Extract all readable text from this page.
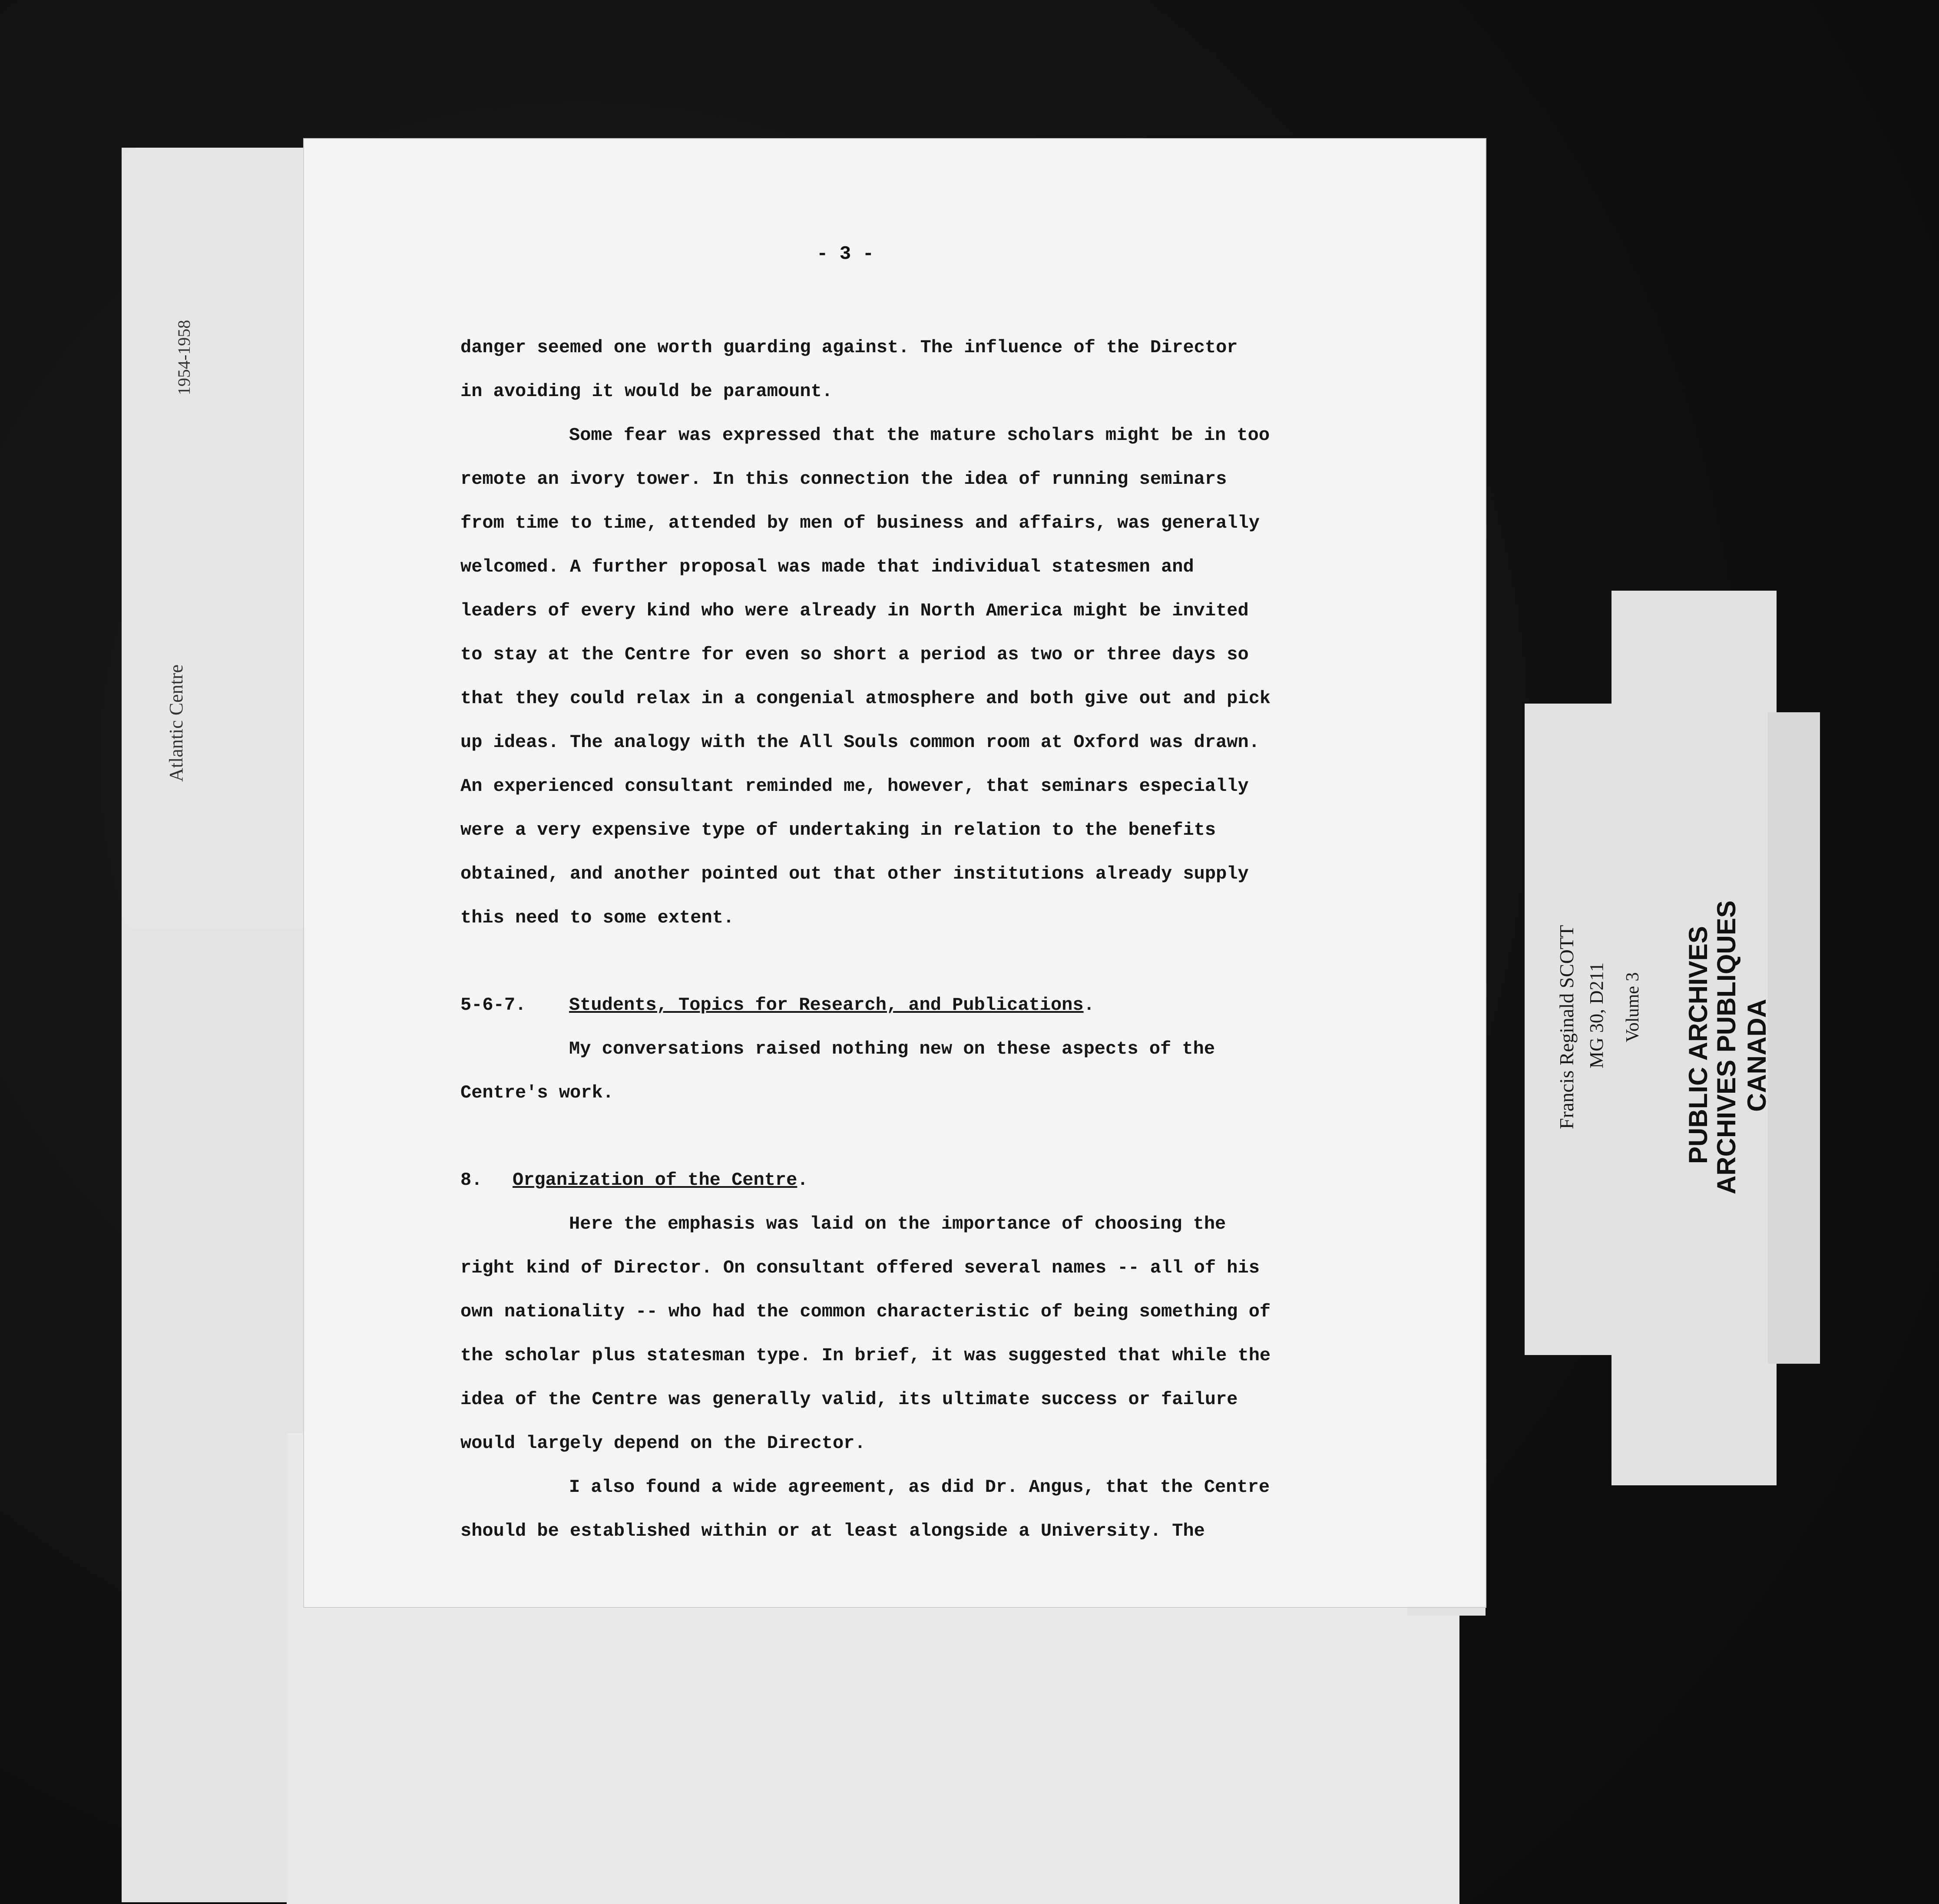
1954-1958
Atlantic Centre
- 3 -
danger seemed one worth guarding against. The influence of the Director
in avoiding it would be paramount.
Some fear was expressed that the mature scholars might be in too
remote an ivory tower. In this connection the idea of running seminars
from time to time, attended by men of business and affairs, was generally
welcomed. A further proposal was made that individual statesmen and
leaders of every kind who were already in North America might be invited
to stay at the Centre for even so short a period as two or three days so
that they could relax in a congenial atmosphere and both give out and pick
up ideas. The analogy with the All Souls common room at Oxford was drawn.
An experienced consultant reminded me, however, that seminars especially
were a very expensive type of undertaking in relation to the benefits
obtained, and another pointed out that other institutions already supply
this need to some extent.
5-6-7. Students, Topics for Research, and Publications.
My conversations raised nothing new on these aspects of the
Centre's work.
8. Organization of the Centre.
Here the emphasis was laid on the importance of choosing the
right kind of Director. On consultant offered several names -- all of his
own nationality -- who had the common characteristic of being something of
the scholar plus statesman type. In brief, it was suggested that while the
idea of the Centre was generally valid, its ultimate success or failure
would largely depend on the Director.
I also found a wide agreement, as did Dr. Angus, that the Centre
should be established within or at least alongside a University. The
Francis Reginald SCOTT MG 30, D211 Volume 3 PUBLIC ARCHIVES
ARCHIVES PUBLIQUES CANADA
